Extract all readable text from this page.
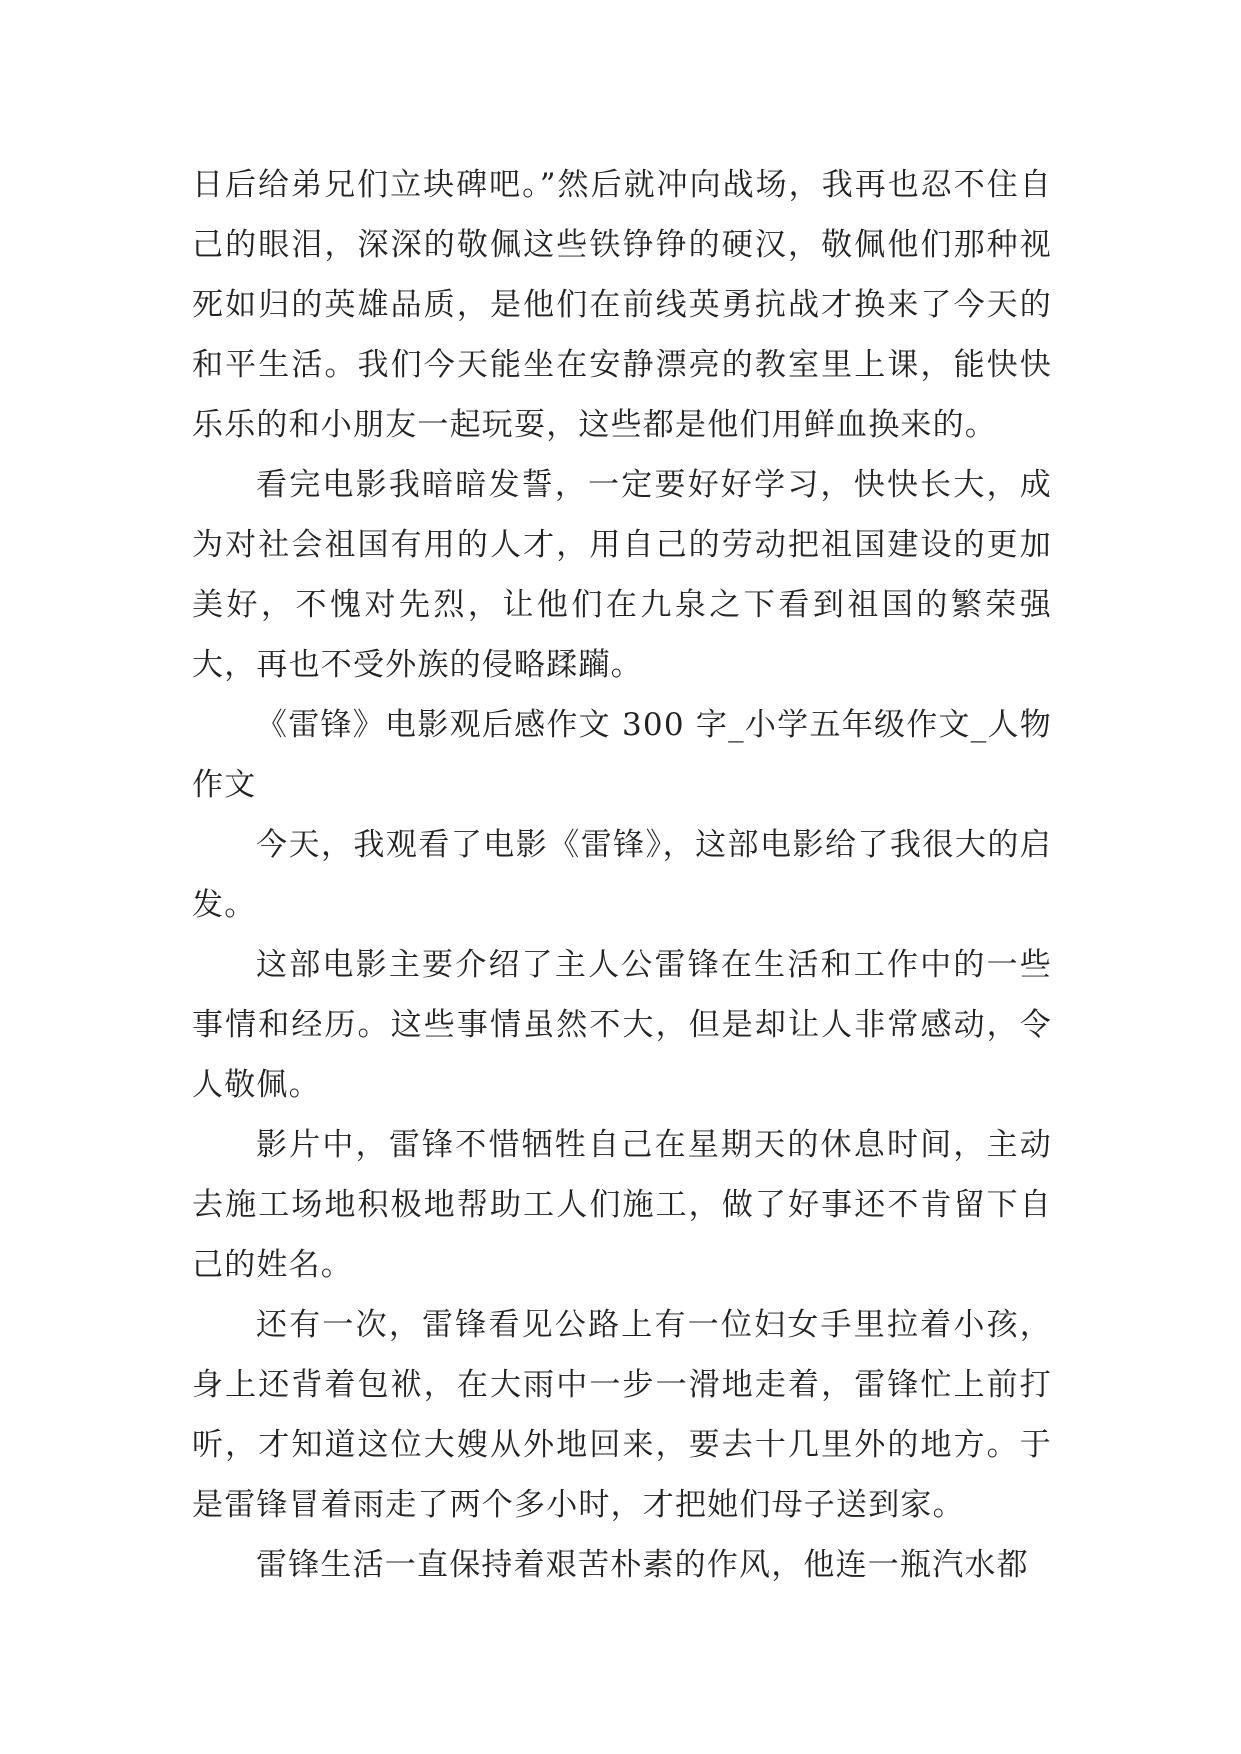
日后给弟兄们立块碑吧。”然后就冲向战场，我再也忍不住自己的眼泪，深深的敬佩这些铁铮铮的硬汉，敬佩他们那种视死如归的英雄品质，是他们在前线英勇抗战才换来了今天的和平生活。我们今天能坐在安静漂亮的教室里上课，能快快乐乐的和小朋友一起玩耍，这些都是他们用鲜血换来的。

看完电影我暗暗发誓，一定要好好学习，快快长大，成为对社会祖国有用的人才，用自己的劳动把祖国建设的更加美好，不愧对先烈，让他们在九泉之下看到祖国的繁荣强大，再也不受外族的侵略蹂躏。

《雷锋》电影观后感作文 300 字_小学五年级作文_人物作文

今天，我观看了电影《雷锋》，这部电影给了我很大的启发。

这部电影主要介绍了主人公雷锋在生活和工作中的一些事情和经历。这些事情虽然不大，但是却让人非常感动，令人敬佩。

影片中，雷锋不惜牺牲自己在星期天的休息时间，主动去施工场地积极地帮助工人们施工，做了好事还不肯留下自己的姓名。

还有一次，雷锋看见公路上有一位妇女手里拉着小孩，身上还背着包袱，在大雨中一步一滑地走着，雷锋忙上前打听，才知道这位大嫂从外地回来，要去十几里外的地方。于是雷锋冒着雨走了两个多小时，才把她们母子送到家。

雷锋生活一直保持着艰苦朴素的作风，他连一瓶汽水都
